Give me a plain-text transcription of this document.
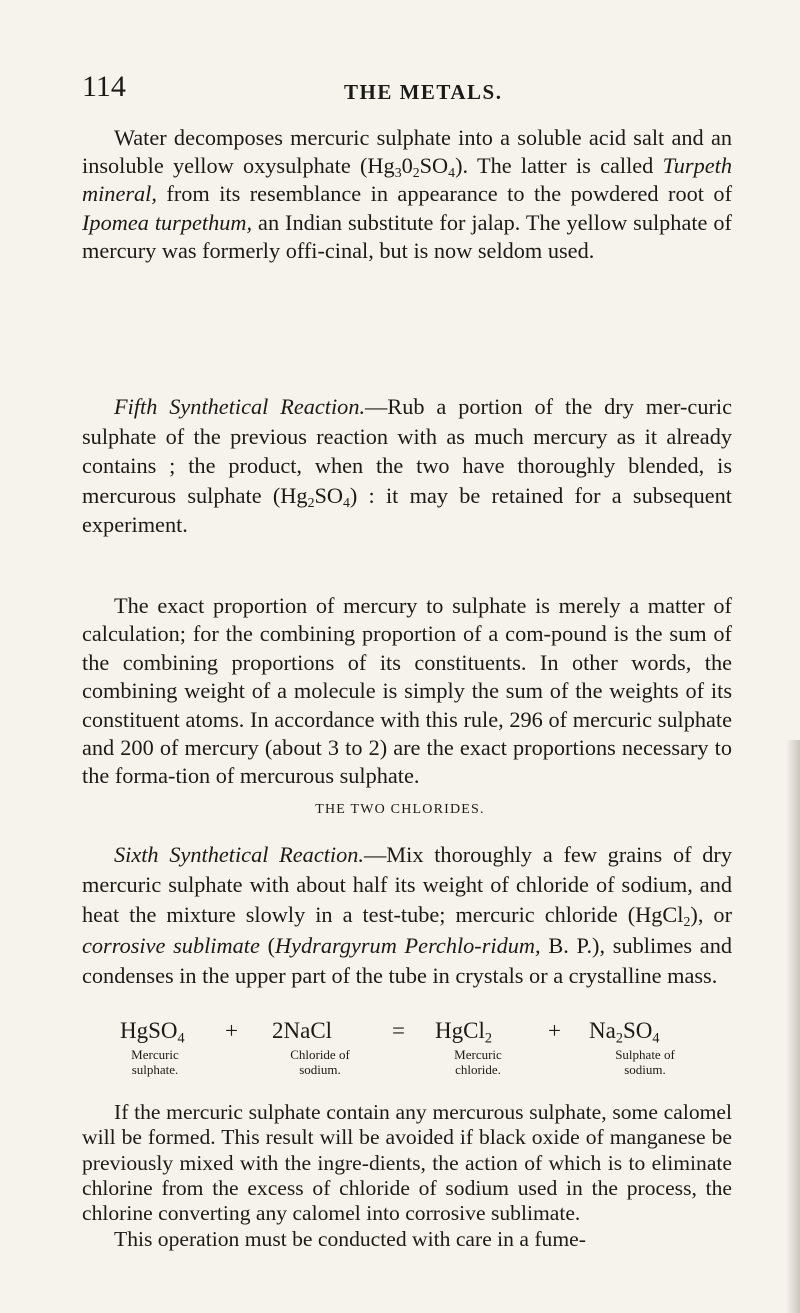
114	THE METALS.

Water decomposes mercuric sulphate into a soluble acid salt and an insoluble yellow oxysulphate $(Hg_30_2SO_4)$. The latter is called Turpeth mineral, from its resemblance in appearance to the powdered root of Ipomea turpethum, an Indian substitute for jalap. The yellow sulphate of mercury was formerly offi-cinal, but is now seldom used.

Fifth Synthetical Reaction.—Rub a portion of the dry mer-curic sulphate of the previous reaction with as much mercury as it already contains ; the product, when the two have thoroughly blended, is mercurous sulphate $(Hg_2SO_4)$ : it may be retained for a subsequent experiment.

The exact proportion of mercury to sulphate is merely a matter of calculation; for the combining proportion of a com-pound is the sum of the combining proportions of its constituents. In other words, the combining weight of a molecule is simply the sum of the weights of its constituent atoms. In accordance with this rule, 296 of mercuric sulphate and 200 of mercury (about 3 to 2) are the exact proportions necessary to the forma-tion of mercurous sulphate.

THE TWO CHLORIDES.

Sixth Synthetical Reaction.—Mix thoroughly a few grains of dry mercuric sulphate with about half its weight of chloride of sodium, and heat the mixture slowly in a test-tube; mercuric chloride (HgCl$_2$), or corrosive sublimate (Hydrargyrum Perchlo-ridum, B. P.), sublimes and condenses in the upper part of the tube in crystals or a crystalline mass.

HgSO$_4$ + 2NaCl	= HgCl$_2$ + $Na_2SO_4$
Mercuric
sulphate.
Chloride of
sodium.
Mercuric
chloride.
Sulphate of
sodium.

If the mercuric sulphate contain any mercurous sulphate, some calomel will be formed. This result will be avoided if black oxide of manganese be previously mixed with the ingre-dients, the action of which is to eliminate chlorine from the excess of chloride of sodium used in the process, the chlorine converting any calomel into corrosive sublimate.

This operation must be conducted with care in a fume-
